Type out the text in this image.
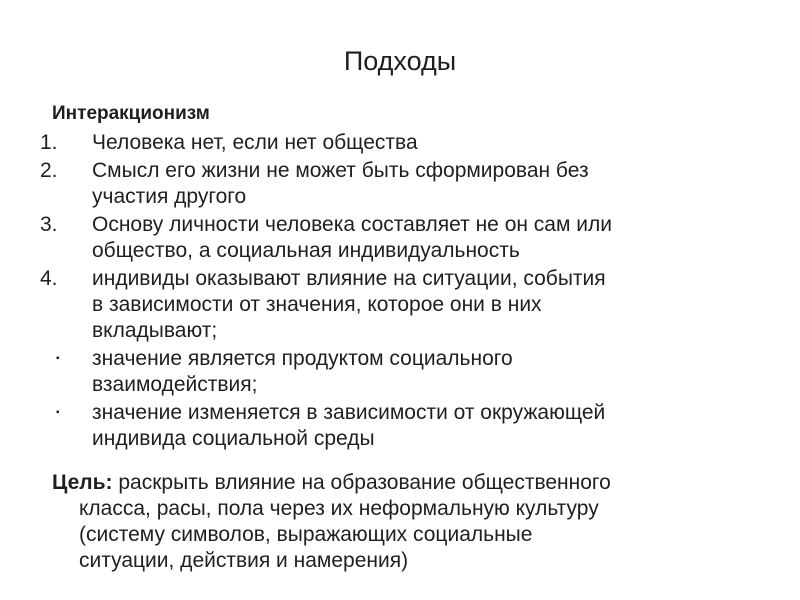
Подходы
Интеракционизм
1. Человека нет, если нет общества
2. Смысл его жизни не может быть сформирован без
участия другого
3. Основу личности человека составляет не он сам или
общество, а социальная индивидуальность
4. индивиды оказывают влияние на ситуации, события
в зависимости от значения, которое они в них
вкладывают;
▪ значение является продуктом социального
взаимодействия;
▪ значение изменяется в зависимости от окружающей
индивида социальной среды

Цель: раскрыть влияние на образование общественного
класса, расы, пола через их неформальную культуру
(систему символов, выражающих социальные
ситуации, действия и намерения)
